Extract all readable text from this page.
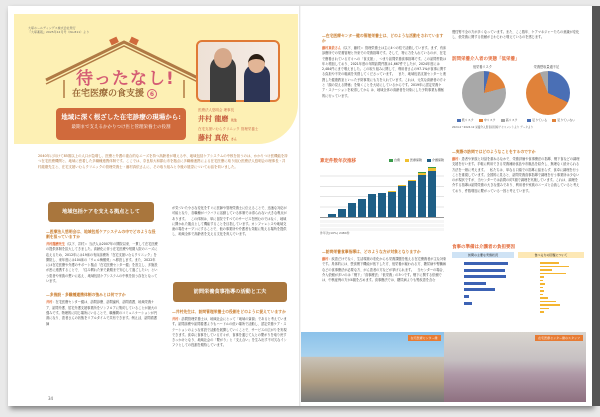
大塚ホールディングス株式会社発行
『大塚薬報』2025年12月号（No.811）より
待ったなし!
在宅医療の食支援 6
地域に深く根ざした在宅診療の現場から:
最期まで支えるかかりつけ医と管理栄養士の役割
医療法人悠明会 理事長
井村 龍磨 先生
在宅支援いむらクリニック 管理栄養士
藤村 真依 さん
2040年に向けて85歳以上の人口が急増し、医療と介護の複合的なニーズを持つ高齢者が増える中、地域包括ケアシステムの中核を担うのは、かかりつけ医機能を持つ在宅医療機関と、地域に密着した多職種連携体制です。ここでは、奈良県大和郡山市を拠点に多職種連携による在宅医療に取り組む医療法人悠明会の理事長・井村龍磨先生と、在宅支援いむらクリニックの管理栄養士・藤村真依さんに、その取り組みと今後の展望についてお話を伺いました。
地域包括ケアを支える拠点として
—医療法人悠明会は、地域包括ケアシステムの中でどのような役割を担っていますか
井村龍磨先生（以下、井村）：当法人は2007年の開院以来、一貫して在宅医療の提供体制を拡大してきました。高齢化に伴う在宅医療や短期入院のニーズに応えるため、2012年には19床の有床診療所「在宅支援いむらクリニック」を開院し、来年度には104床の「ウェル梅樹苑」へ移設します。また、2022年には在宅医療や介護のサポート拠点「在宅医療センター健」を設立し、多施設が密に連携することで、「住み慣れた家で最期まで安心して過ごしたい」という患者や家族の想いに応え、地域包括ケアシステムの中核を担う存在となっています。
—多施設・多職種連携体制の強みとは何ですか
井村：在宅医療センター健は、訪問診療、訪問歯科、訪問看護、地域栄養ケア、訪問介護、居宅介護支援事業所をワンフロアに集約していることが最大の強みです。物理的に同じ場所にいることで、職種間のコミュニケーションが円滑になり、患者さんの状態をリアルタイムで共有できます。例えば、訪問看護師
が気づいた小さな変化をすぐに医師や管理栄養士に伝えることで、迅速な対応が可能となり、各職種がバラバラに活動している体制では得られない大きな利点があります。　この体制は、単に自院ですべてのサービスを囲むのではなく、地域に開かれた拠点として機能することを目指しています。カンファレンスや地域交流の場をオープンにすることで、他の事業所や介護者も気軽に集える場所を提供し、地域全体で高齢者を支える文化を育んでいます。
訪問栄養食事指導の活動と工夫
—井村先生は、訪問管理栄養士の役割をどのように捉えていますか
井村：訪問管理栄養士は、地域社会にとって「地域の資源」であると考えています。訪問診療や訪問看護よりもハードルの低い場所で活動し、認定栄養ケア・ステーションのような常設で活動を展開していくことで、サービスの広がりを実現できます。食卓に食事をしている方々が、食事を通じて人との繋がりを取り戻すきっかけとなり、地域社会の「繋がり」と「支え合い」を生み出す不可欠なインフラとしての役割を期待しています。
34
—在宅医療センター健の管理栄養士は、どのような活動をされていますか
藤村真依さん（以下、藤村）：管理栄養士は主に4つの柱で活動しています。まず、有床診療所での栄養管理と外来での栄養指導です。そして、特に力を入れているのが、在宅で療養されている方々への「食支援」、つまり訪問栄養食事指導です。この訪問件数は年々増加しており、2021年度の年間訪問件数は1,667件でしたが、2024年度には2,484件にまで増えました。この取り組みに関して、利用者さんの97.1%が食事に関する負担や不安の軽減を実感してくださっています。　また、地域包括支援センターと連携した健康教室といった予防事業にも力を入れています。これは、元気な高齢者の方々と「顔の見える関係」を築くことを大切にしているからです。2019年に認定栄養ケア・ステーションを取得してから は、地域全体の高齢者を対象にした予防事業も積極的に行っています。
算定件数年次推移	自費	医療保険	介護保険
件年次(10%) 2484件
—訪問栄養食事指導は、どのような方が対象となりますか
藤村：疾患だけでなく、生活環境の変化からも栄養課題を抱える在宅療養者が主な対象です。具体的には、摂食嚥下機能が低下した方、低栄養が疑われる方、糖尿病や腎臓病などの食事療法が必要な方、がん患者の方などが挙げられます。　当センターの場合、介入依頼が多いのは「嚥下」「食事療法」「低栄養」の3つです。嚥下に関する依頼では、中核症例の方が4割を占めます。食事療法では、糖尿病よりも腎疾患を含む
慢性腎不全の方が多くなっています。また、ここ数年、ケアマネジャーたちの意識が変化し、低栄養に関する依頼がじわじわと増えているのを感じます。
訪問栄養介入者の実態「低栄養」
低栄養リスク	栄養摂取量過不足
低リスク	中リスク	高リスク	足りている	足りていない
2024.4〜2024.12 栄養介入患者初回時アセスメントより データより
—実際の訪問ではどのようなことをするのですか
藤村：患者や家族と対話を重ねるなかで、栄養評価や食事療法の指導、嚥下食などの調理支援を行います。手軽に利用できる栄養補助食品や市販品を紹介し、無理なく続けられる方法を一緒に考えます。　私たちは、単なる口頭での指導に留まらず、食卓に調理を行うことを重視しています。全国的に見ると、訪問栄養食事指導で調理を行う事業所は少ないのが現状ですが、当センターでは訪問の約7割で調理を実施しています。これは、調理を介する指導は訪問栄養の大きな強みであり、利用者や家族のニーズと合致していると考えており、件数増加に繋がっている一因と考えています。
食事の準備は介護者の負担要因
訪問の主要な実施状況	食べる力の回復について
在宅医療センター健	在宅医療センター健のスタッフ
